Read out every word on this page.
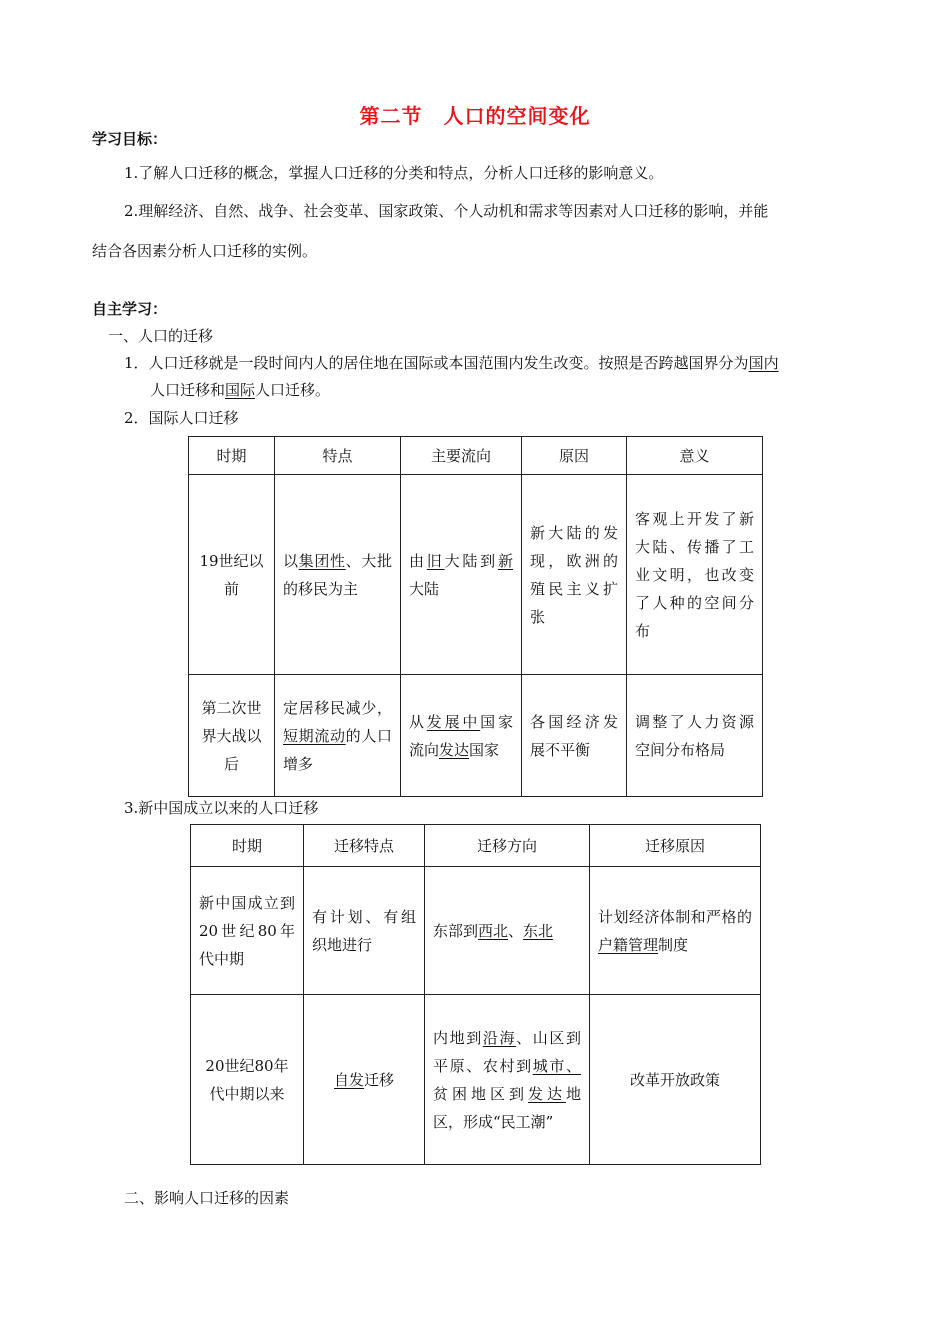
第二节　人口的空间变化
学习目标：
1.了解人口迁移的概念，掌握人口迁移的分类和特点，分析人口迁移的影响意义。
2.理解经济、自然、战争、社会变革、国家政策、个人动机和需求等因素对人口迁移的影响，并能
结合各因素分析人口迁移的实例。
自主学习：
一、人口的迁移
1．人口迁移就是一段时间内人的居住地在国际或本国范围内发生改变。按照是否跨越国界分为国内
人口迁移和国际人口迁移。
2．国际人口迁移
时期	特点	主要流向	原因	意义
19世纪以前	以集团性、大批的移民为主	由旧大陆到新大陆	新大陆的发现，欧洲的殖民主义扩张	客观上开发了新大陆、传播了工业文明，也改变了人种的空间分布
第二次世界大战以后	定居移民减少，短期流动的人口增多	从发展中国家流向发达国家	各国经济发展不平衡	调整了人力资源空间分布格局
3.新中国成立以来的人口迁移
时期	迁移特点	迁移方向	迁移原因
新中国成立到20世纪80年代中期	有计划、有组织地进行	东部到西北、东北	计划经济体制和严格的户籍管理制度
20世纪80年代中期以来	自发迁移	内地到沿海、山区到平原、农村到城市、贫困地区到发达地区，形成“民工潮”	改革开放政策
二、影响人口迁移的因素
